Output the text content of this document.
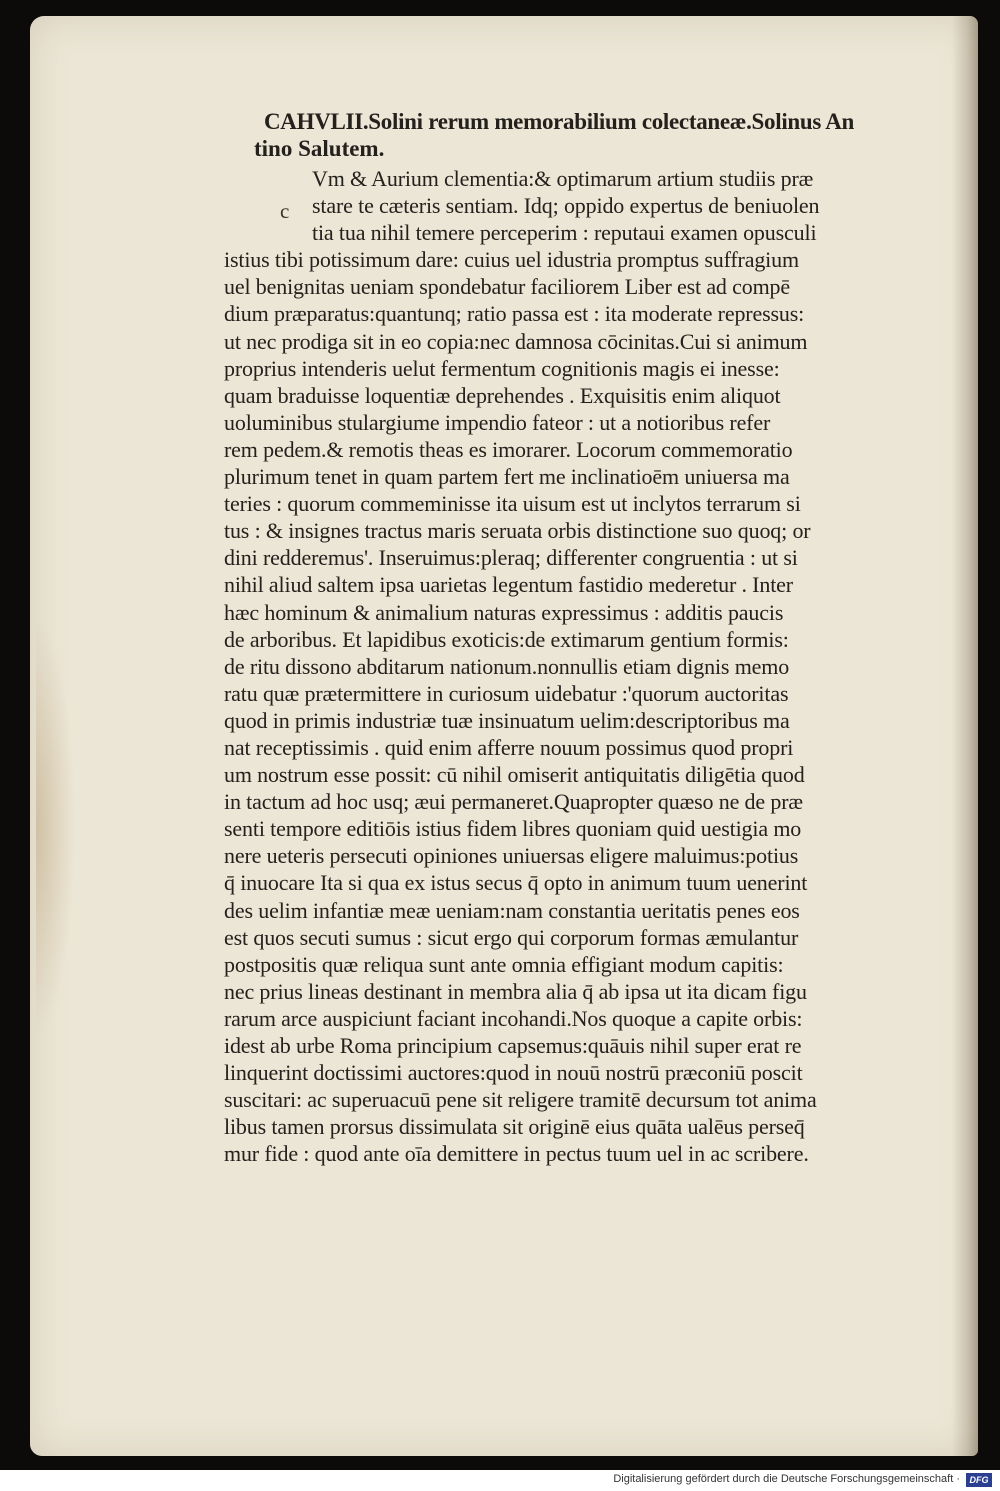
CAHVLII.Solini rerum memorabilium colectaneæ.Solinus An
tino Salutem.
c
Vm & Aurium clementia:& optimarum artium studiis præ
stare te cæteris sentiam. Idq; oppido expertus de beniuolen
tia tua nihil temere perceperim : reputaui examen opusculi
istius tibi potissimum dare: cuius uel idustria promptus suffragium
uel benignitas ueniam spondebatur faciliorem Liber est ad compē
dium præparatus:quantunq; ratio passa est : ita moderate repressus:
ut nec prodiga sit in eo copia:nec damnosa cōcinitas.Cui si animum
proprius intenderis uelut fermentum cognitionis magis ei inesse:
quam braduisse loquentiæ deprehendes . Exquisitis enim aliquot
uoluminibus stulargiume impendio fateor : ut a notioribus refer
rem pedem.& remotis theas es imorarer. Locorum commemoratio
plurimum tenet in quam partem fert me inclinatioēm uniuersa ma
teries : quorum commeminisse ita uisum est ut inclytos terrarum si
tus : & insignes tractus maris seruata orbis distinctione suo quoq; or
dini redderemus'. Inseruimus:pleraq; differenter congruentia : ut si
nihil aliud saltem ipsa uarietas legentum fastidio mederetur . Inter
hæc hominum & animalium naturas expressimus : additis paucis
de arboribus. Et lapidibus exoticis:de extimarum gentium formis:
de ritu dissono abditarum nationum.nonnullis etiam dignis memo
ratu quæ prætermittere in curiosum uidebatur :'quorum auctoritas
quod in primis industriæ tuæ insinuatum uelim:descriptoribus ma
nat receptissimis . quid enim afferre nouum possimus quod propri
um nostrum esse possit: cū nihil omiserit antiquitatis diligētia quod
in tactum ad hoc usq; æui permaneret.Quapropter quæso ne de præ
senti tempore editiōis istius fidem libres quoniam quid uestigia mo
nere ueteris persecuti opiniones uniuersas eligere maluimus:potius
q̄ inuocare Ita si qua ex istus secus q̄ opto in animum tuum uenerint
des uelim infantiæ meæ ueniam:nam constantia ueritatis penes eos
est quos secuti sumus : sicut ergo qui corporum formas æmulantur
postpositis quæ reliqua sunt ante omnia effigiant modum capitis:
nec prius lineas destinant in membra alia q̄ ab ipsa ut ita dicam figu
rarum arce auspiciunt faciant incohandi.Nos quoque a capite orbis:
idest ab urbe Roma principium capsemus:quāuis nihil super erat re
linquerint doctissimi auctores:quod in nouū nostrū præconiū poscit
suscitari: ac superuacuū pene sit religere tramitē decursum tot anima
libus tamen prorsus dissimulata sit originē eius quāta ualēus perseq̄
mur fide : quod ante oīa demittere in pectus tuum uel in ac scribere.
Digitalisierung gefördert durch die Deutsche Forschungsgemeinschaft ·	DFG
